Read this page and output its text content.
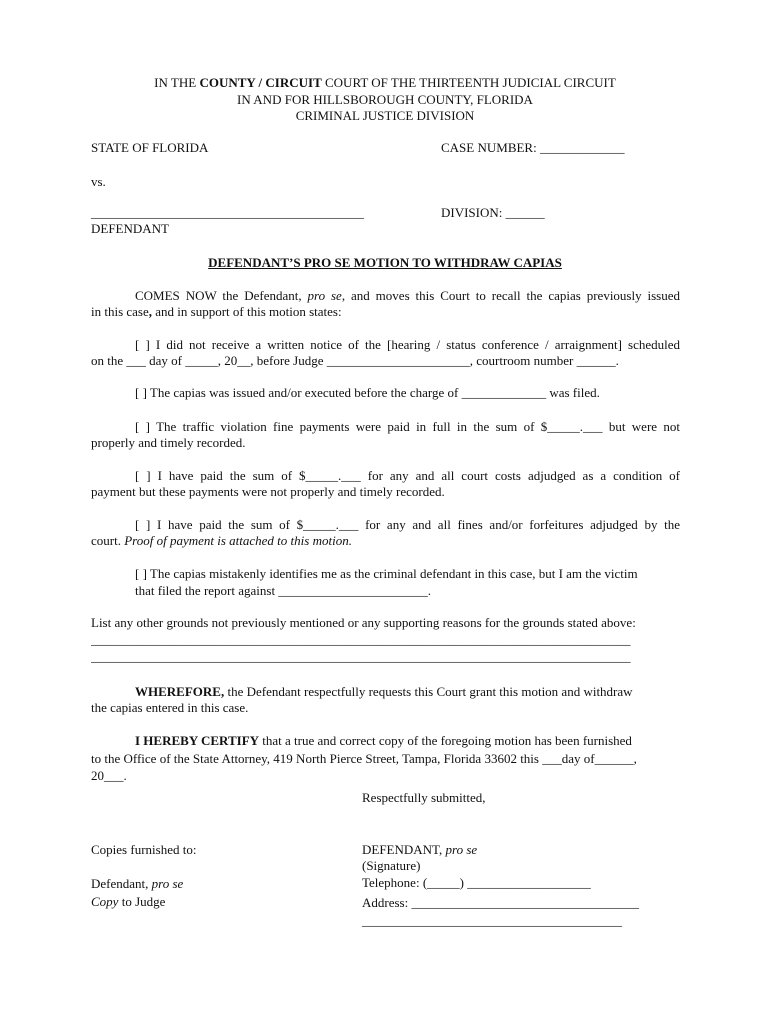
IN THE COUNTY / CIRCUIT COURT OF THE THIRTEENTH JUDICIAL CIRCUIT
IN AND FOR HILLSBOROUGH COUNTY, FLORIDA
CRIMINAL JUSTICE DIVISION
STATE OF FLORIDA	CASE NUMBER: _____________
vs.
__________________________________________	DIVISION: ______
DEFENDANT
DEFENDANT’S PRO SE MOTION TO WITHDRAW CAPIAS
COMES NOW the Defendant, pro se, and moves this Court to recall the capias previously issued
in this case, and in support of this motion states:
[ ] I did not receive a written notice of the [hearing / status conference / arraignment] scheduled
on the ___ day of _____, 20__, before Judge ______________________, courtroom number ______.
[ ] The capias was issued and/or executed before the charge of _____________ was filed.
[ ] The traffic violation fine payments were paid in full in the sum of $_____.___ but were not
properly and timely recorded.
[ ] I have paid the sum of $_____.___ for any and all court costs adjudged as a condition of
payment but these payments were not properly and timely recorded.
[ ] I have paid the sum of $_____.___ for any and all fines and/or forfeitures adjudged by the
court. Proof of payment is attached to this motion.
[ ] The capias mistakenly identifies me as the criminal defendant in this case, but I am the victim
that filed the report against _______________________.
List any other grounds not previously mentioned or any supporting reasons for the grounds stated above:
___________________________________________________________________________________
___________________________________________________________________________________
WHEREFORE, the Defendant respectfully requests this Court grant this motion and withdraw
the capias entered in this case.
I HEREBY CERTIFY that a true and correct copy of the foregoing motion has been furnished
to the Office of the State Attorney, 419 North Pierce Street, Tampa, Florida 33602 this ___day of______,
20___.
Respectfully submitted,
Copies furnished to:
Defendant, pro se
Copy to Judge
DEFENDANT, pro se
(Signature)
Telephone: (_____) ___________________
Address: ___________________________________
________________________________________
